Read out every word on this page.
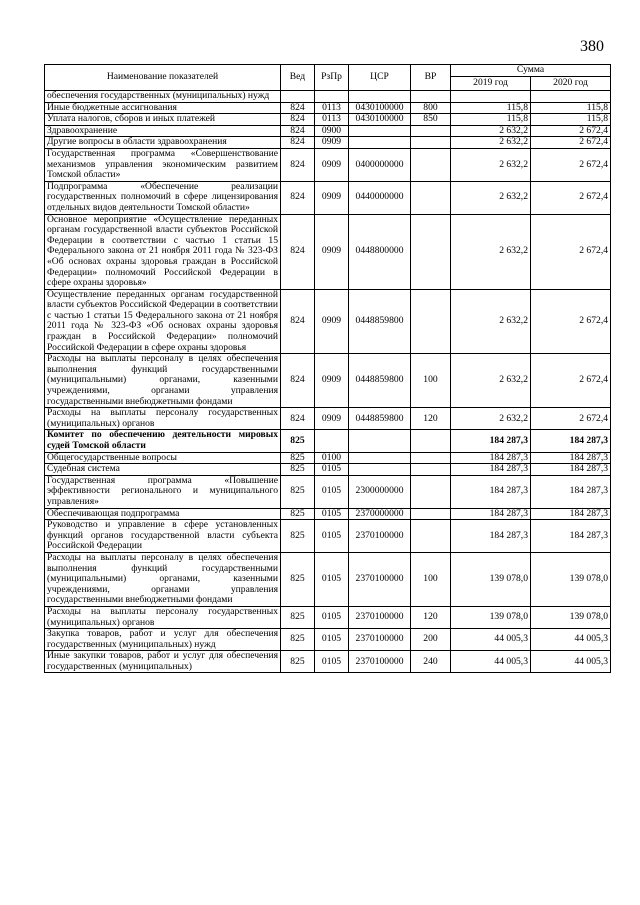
380
Наименование показателей	Вед	РзПр	ЦСР	ВР	Сумма	
					2019 год	2020 год
обеспечения государственных (муниципальных) нужд						
Иные бюджетные ассигнования	824	0113	0430100000	800	115,8	115,8
Уплата налогов, сборов и иных платежей	824	0113	0430100000	850	115,8	115,8
Здравоохранение	824	0900			2 632,2	2 672,4
Другие вопросы в области здравоохранения	824	0909			2 632,2	2 672,4
Государственная программа «Совершенствование механизмов управления экономическим развитием Томской области»	824	0909	0400000000		2 632,2	2 672,4
Подпрограмма «Обеспечение реализации государственных полномочий в сфере лицензирования отдельных видов деятельности Томской области»	824	0909	0440000000		2 632,2	2 672,4
Основное мероприятие «Осуществление переданных органам государственной власти субъектов Российской Федерации в соответствии с частью 1 статьи 15 Федерального закона от 21 ноября 2011 года № 323-ФЗ «Об основах охраны здоровья граждан в Российской Федерации» полномочий Российской Федерации в сфере охраны здоровья»	824	0909	0448800000		2 632,2	2 672,4
Осуществление переданных органам государственной власти субъектов Российской Федерации в соответствии с частью 1 статьи 15 Федерального закона от 21 ноября 2011 года № 323-ФЗ «Об основах охраны здоровья граждан в Российской Федерации» полномочий Российской Федерации в сфере охраны здоровья	824	0909	0448859800		2 632,2	2 672,4
Расходы на выплаты персоналу в целях обеспечения выполнения функций государственными (муниципальными) органами, казенными учреждениями, органами управления государственными внебюджетными фондами	824	0909	0448859800	100	2 632,2	2 672,4
Расходы на выплаты персоналу государственных (муниципальных) органов	824	0909	0448859800	120	2 632,2	2 672,4
Комитет по обеспечению деятельности мировых судей Томской области	825				184 287,3	184 287,3
Общегосударственные вопросы	825	0100			184 287,3	184 287,3
Судебная система	825	0105			184 287,3	184 287,3
Государственная программа «Повышение эффективности регионального и муниципального управления»	825	0105	2300000000		184 287,3	184 287,3
Обеспечивающая подпрограмма	825	0105	2370000000		184 287,3	184 287,3
Руководство и управление в сфере установленных функций органов государственной власти субъекта Российской Федерации	825	0105	2370100000		184 287,3	184 287,3
Расходы на выплаты персоналу в целях обеспечения выполнения функций государственными (муниципальными) органами, казенными учреждениями, органами управления государственными внебюджетными фондами	825	0105	2370100000	100	139 078,0	139 078,0
Расходы на выплаты персоналу государственных (муниципальных) органов	825	0105	2370100000	120	139 078,0	139 078,0
Закупка товаров, работ и услуг для обеспечения государственных (муниципальных) нужд	825	0105	2370100000	200	44 005,3	44 005,3
Иные закупки товаров, работ и услуг для обеспечения государственных (муниципальных)	825	0105	2370100000	240	44 005,3	44 005,3
